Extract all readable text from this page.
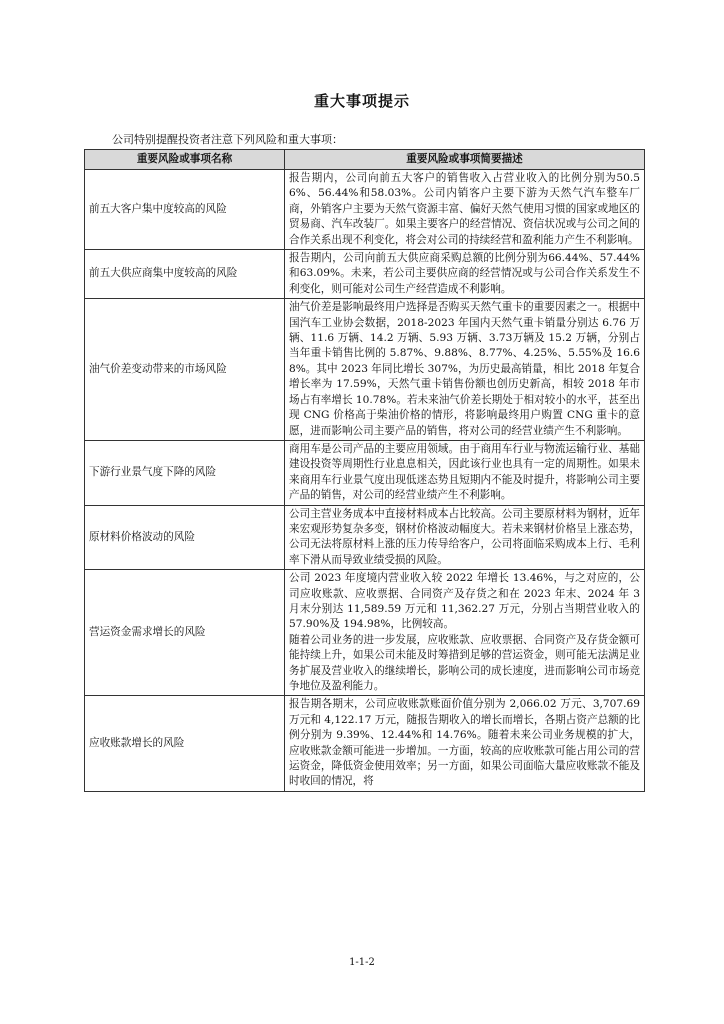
重大事项提示
公司特别提醒投资者注意下列风险和重大事项：
重要风险或事项名称	重要风险或事项简要描述
前五大客户集中度较高的风险	报告期内，公司向前五大客户的销售收入占营业收入的比例分别为50.56%、56.44%和58.03%。公司内销客户主要下游为天然气汽车整车厂商，外销客户主要为天然气资源丰富、偏好天然气使用习惯的国家或地区的贸易商、汽车改装厂。如果主要客户的经营情况、资信状况或与公司之间的合作关系出现不利变化，将会对公司的持续经营和盈利能力产生不利影响。

前五大供应商集中度较高的风险	报告期内，公司向前五大供应商采购总额的比例分别为66.44%、57.44%和63.09%。未来，若公司主要供应商的经营情况或与公司合作关系发生不利变化，则可能对公司生产经营造成不利影响。

油气价差变动带来的市场风险	油气价差是影响最终用户选择是否购买天然气重卡的重要因素之一。根据中国汽车工业协会数据，2018-2023 年国内天然气重卡销量分别达 6.76 万辆、11.6 万辆、14.2 万辆、5.93 万辆、3.73万辆及 15.2 万辆，分别占当年重卡销售比例的 5.87%、9.88%、8.77%、4.25%、5.55%及 16.68%。其中 2023 年同比增长 307%，为历史最高销量，相比 2018 年复合增长率为 17.59%，天然气重卡销售份额也创历史新高，相较 2018 年市场占有率增长 10.78%。若未来油气价差长期处于相对较小的水平，甚至出现 CNG 价格高于柴油价格的情形，将影响最终用户购置 CNG 重卡的意愿，进而影响公司主要产品的销售，将对公司的经营业绩产生不利影响。

下游行业景气度下降的风险	商用车是公司产品的主要应用领域。由于商用车行业与物流运输行业、基础建设投资等周期性行业息息相关，因此该行业也具有一定的周期性。如果未来商用车行业景气度出现低迷态势且短期内不能及时提升，将影响公司主要产品的销售，对公司的经营业绩产生不利影响。

原材料价格波动的风险	公司主营业务成本中直接材料成本占比较高。公司主要原材料为钢材，近年来宏观形势复杂多变，钢材价格波动幅度大。若未来钢材价格呈上涨态势，公司无法将原材料上涨的压力传导给客户，公司将面临采购成本上行、毛利率下滑从而导致业绩受损的风险。

营运资金需求增长的风险	公司 2023 年度境内营业收入较 2022 年增长 13.46%，与之对应的，公司应收账款、应收票据、合同资产及存货之和在 2023 年末、2024 年 3 月末分别达 11,589.59 万元和 11,362.27 万元，分别占当期营业收入的 57.90%及 194.98%，比例较高。

随着公司业务的进一步发展，应收账款、应收票据、合同资产及存货金额可能持续上升，如果公司未能及时筹措到足够的营运资金，则可能无法满足业务扩展及营业收入的继续增长，影响公司的成长速度，进而影响公司市场竞争地位及盈利能力。

应收账款增长的风险	报告期各期末，公司应收账款账面价值分别为 2,066.02 万元、3,707.69 万元和 4,122.17 万元，随报告期收入的增长而增长，各期占资产总额的比例分别为 9.39%、12.44%和 14.76%。随着未来公司业务规模的扩大，应收账款金额可能进一步增加。一方面，较高的应收账款可能占用公司的营运资金，降低资金使用效率；另一方面，如果公司面临大量应收账款不能及时收回的情况，将

1-1-2
